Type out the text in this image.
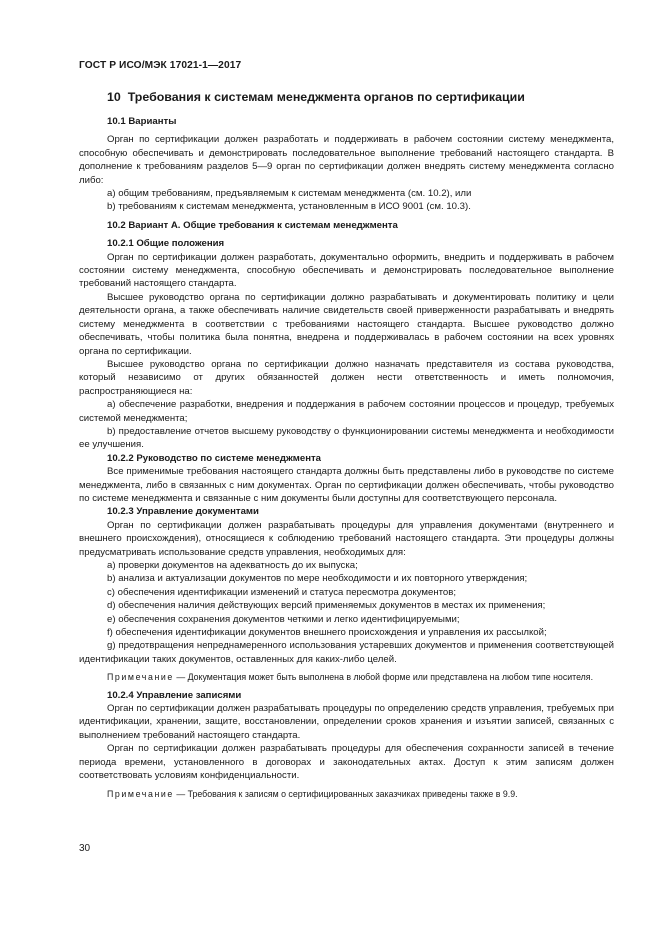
ГОСТ Р ИСО/МЭК 17021-1—2017
10 Требования к системам менеджмента органов по сертификации
10.1 Варианты

Орган по сертификации должен разработать и поддерживать в рабочем состоянии систему менеджмента, способную обеспечивать и демонстрировать последовательное выполнение требований настоящего стандарта. В дополнение к требованиям разделов 5—9 орган по сертификации должен внедрять систему менеджмента согласно либо:

а) общим требованиям, предъявляемым к системам менеджмента (см. 10.2), или
b) требованиям к системам менеджмента, установленным в ИСО 9001 (см. 10.3).
10.2 Вариант А. Общие требования к системам менеджмента
10.2.1 Общие положения

Орган по сертификации должен разработать, документально оформить, внедрить и поддерживать в рабочем состоянии систему менеджмента, способную обеспечивать и демонстрировать последовательное выполнение требований настоящего стандарта.

Высшее руководство органа по сертификации должно разрабатывать и документировать политику и цели деятельности органа, а также обеспечивать наличие свидетельств своей приверженности разрабатывать и внедрять систему менеджмента в соответствии с требованиями настоящего стандарта. Высшее руководство должно обеспечивать, чтобы политика была понятна, внедрена и поддерживалась в рабочем состоянии на всех уровнях органа по сертификации.

Высшее руководство органа по сертификации должно назначать представителя из состава руководства, который независимо от других обязанностей должен нести ответственность и иметь полномочия, распространяющиеся на:

а) обеспечение разработки, внедрения и поддержания в рабочем состоянии процессов и процедур, требуемых системой менеджмента;

b) предоставление отчетов высшему руководству о функционировании системы менеджмента и необходимости ее улучшения.

10.2.2 Руководство по системе менеджмента

Все применимые требования настоящего стандарта должны быть представлены либо в руководстве по системе менеджмента, либо в связанных с ним документах. Орган по сертификации должен обеспечивать, чтобы руководство по системе менеджмента и связанные с ним документы были доступны для соответствующего персонала.

10.2.3 Управление документами

Орган по сертификации должен разрабатывать процедуры для управления документами (внутреннего и внешнего происхождения), относящиеся к соблюдению требований настоящего стандарта. Эти процедуры должны предусматривать использование средств управления, необходимых для:

а) проверки документов на адекватность до их выпуска;
b) анализа и актуализации документов по мере необходимости и их повторного утверждения;
c) обеспечения идентификации изменений и статуса пересмотра документов;
d) обеспечения наличия действующих версий применяемых документов в местах их применения;
e) обеспечения сохранения документов четкими и легко идентифицируемыми;
f) обеспечения идентификации документов внешнего происхождения и управления их рассылкой;

g) предотвращения непреднамеренного использования устаревших документов и применения соответствующей идентификации таких документов, оставленных для каких-либо целей.

Примечание — Документация может быть выполнена в любой форме или представлена на любом типе носителя.

10.2.4 Управление записями

Орган по сертификации должен разрабатывать процедуры по определению средств управления, требуемых при идентификации, хранении, защите, восстановлении, определении сроков хранения и изъятии записей, связанных с выполнением требований настоящего стандарта.

Орган по сертификации должен разрабатывать процедуры для обеспечения сохранности записей в течение периода времени, установленного в договорах и законодательных актах. Доступ к этим записям должен соответствовать условиям конфиденциальности.

Примечание — Требования к записям о сертифицированных заказчиках приведены также в 9.9.

30
